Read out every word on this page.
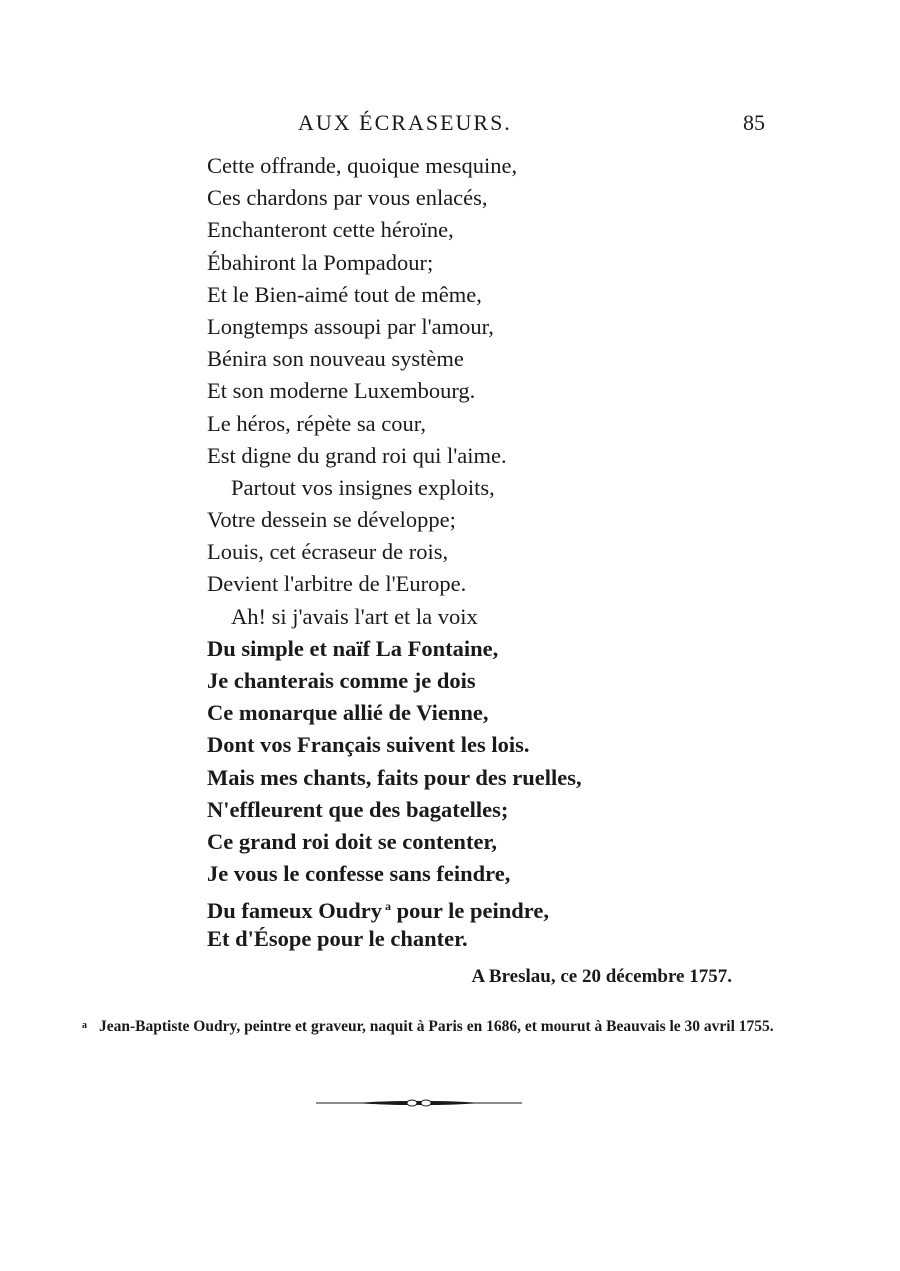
AUX ÉCRASEURS.	85
Cette offrande, quoique mesquine,
Ces chardons par vous enlacés,
Enchanteront cette héroïne,
Ébahiront la Pompadour;
Et le Bien-aimé tout de même,
Longtemps assoupi par l'amour,
Bénira son nouveau système
Et son moderne Luxembourg.
Le héros, répète sa cour,
Est digne du grand roi qui l'aime.
Partout vos insignes exploits,
Votre dessein se développe;
Louis, cet écraseur de rois,
Devient l'arbitre de l'Europe.
Ah! si j'avais l'art et la voix
Du simple et naïf La Fontaine,
Je chanterais comme je dois
Ce monarque allié de Vienne,
Dont vos Français suivent les lois.
Mais mes chants, faits pour des ruelles,
N'effleurent que des bagatelles;
Ce grand roi doit se contenter,
Je vous le confesse sans feindre,
Du fameux Oudry $^a$ pour le peindre,
Et d'Ésope pour le chanter.
A Breslau, ce 20 décembre 1757.
a Jean-Baptiste Oudry, peintre et graveur, naquit à Paris en 1686, et mourut à Beauvais le 30 avril 1755.
